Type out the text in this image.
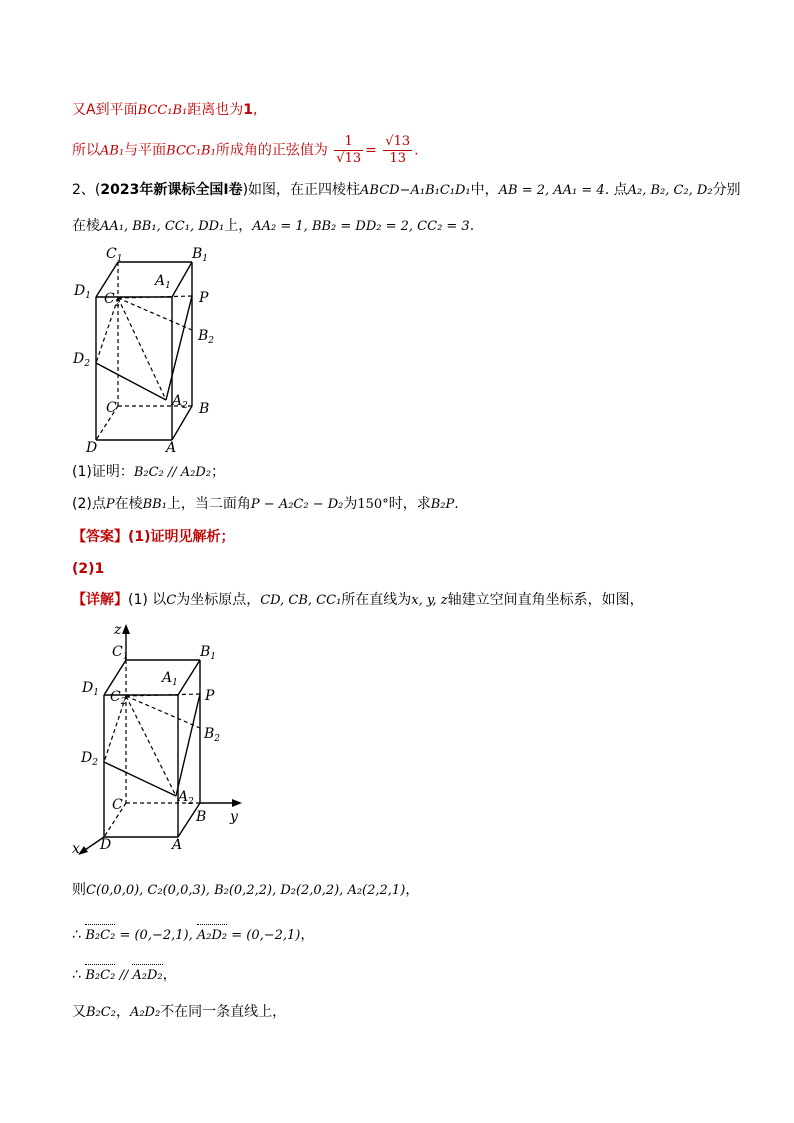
又A到平面BCC₁B₁距离也为1,
所以AB₁与平面BCC₁B₁所成角的正弦值为 $\frac{1}{√13} = \frac{√13}{13}$ .
2、(2023年新课标全国Ⅰ卷)如图，在正四棱柱ABCD−A₁B₁C₁D₁中，AB = 2, AA₁ = 4. 点A₂, B₂, C₂, D₂分别
在棱AA₁, BB₁, CC₁, DD₁上，AA₂ = 1, BB₂ = DD₂ = 2, CC₂ = 3.
$C_1$	$B_1$
$A_1$
$D_1$ $C_2$	P
$B_2$
$D_2$
$A_2$
C	B
D	A
(1)证明：B₂C₂ // A₂D₂；
(2)点P在棱BB₁上，当二面角P − A₂C₂ − D₂为150°时，求B₂P.
【答案】(1)证明见解析；
(2)1
【详解】(1) 以C为坐标原点，CD, CB, CC₁所在直线为x, y, z轴建立空间直角坐标系，如图，
z
$C_1$	$B_1$
$A_1$
$D_1$ $C_2$	P
$B_2$
$D_2$
$A_2$
C
B y
D	A
x
则C(0,0,0), C₂(0,0,3), B₂(0,2,2), D₂(2,0,2), A₂(2,2,1)，
∴ B₂C₂ = (0,−2,1), A₂D₂ = (0,−2,1)，
∴ B₂C₂ // A₂D₂，
又B₂C₂，A₂D₂不在同一条直线上，
